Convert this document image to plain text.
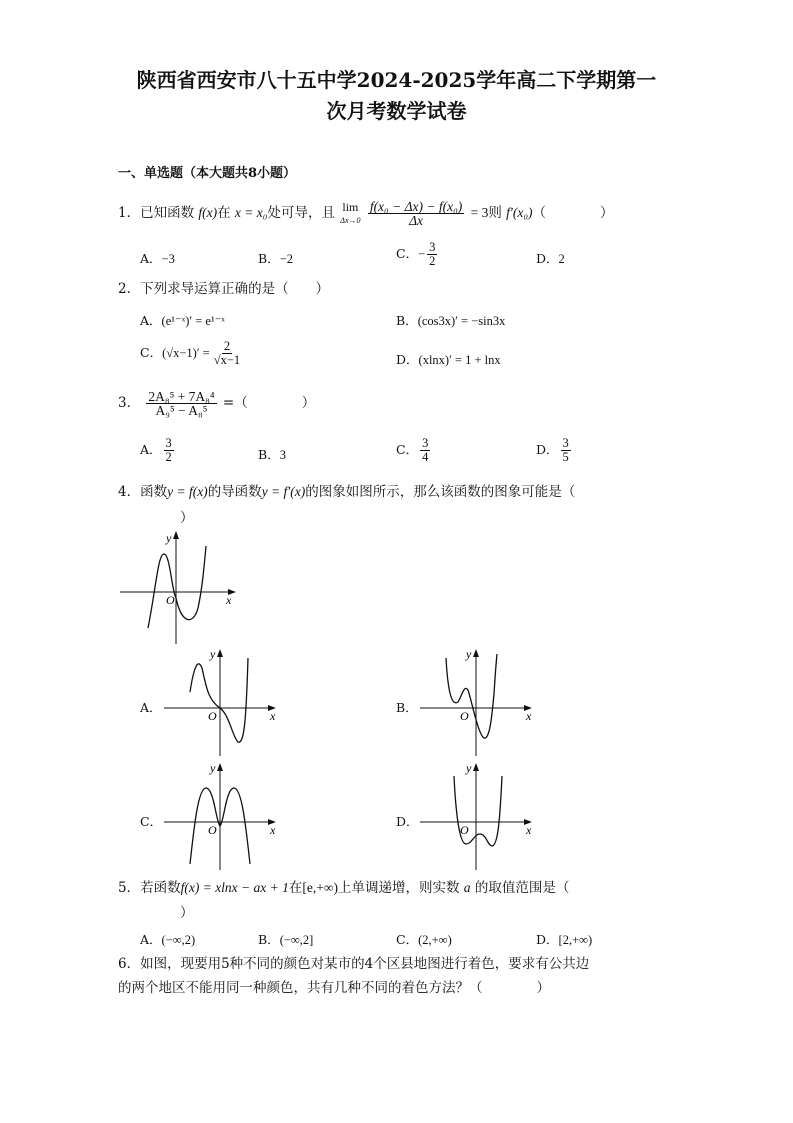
陕西省西安市八十五中学2024-2025学年高二下学期第一
次月考数学试卷
一、单选题（本大题共8小题）
1．已知函数 f(x)在 x = x₀处可导，且 lim
Δx→0
$\frac{\text{f(x₀ − Δx) − f(x₀)}}{\Delta x} = 3$则 f′(x₀)（　　　　）
A．−3	B．−2	C．− $\frac{3}{2}$	D．2
2．下列求导运算正确的是（　　）
A．(e¹⁻ˣ)′ = e¹⁻ˣ	B．(cos3x)′ = −sin3x
C．$(√x-1)' = \frac{2}{√x-1}$	D．(xlnx)′ = 1 + lnx
3． $\frac{\text{2A₈⁵ + 7A₈⁴}}{\text{A₉⁵ − A₈⁵}}$ =（　　　　）
A． $\frac{3}{2}$	B．3	C． $\frac{3}{4}$	D． $\frac{3}{5}$
4．函数y = f(x)的导函数y = f′(x)的图象如图所示，那么该函数的图象可能是（
）
y
x
O
A．
y
x
O
B．
y
x
O
C．
y
x
O
D．
y
x
O
5．若函数f(x) = xlnx − ax + 1在[e,+∞)上单调递增，则实数 a 的取值范围是（
）
A．(−∞,2)	B．(−∞,2]	C．(2,+∞)	D．[2,+∞)
6．如图，现要用5种不同的颜色对某市的4个区县地图进行着色，要求有公共边
的两个地区不能用同一种颜色，共有几种不同的着色方法？（　　　　）
